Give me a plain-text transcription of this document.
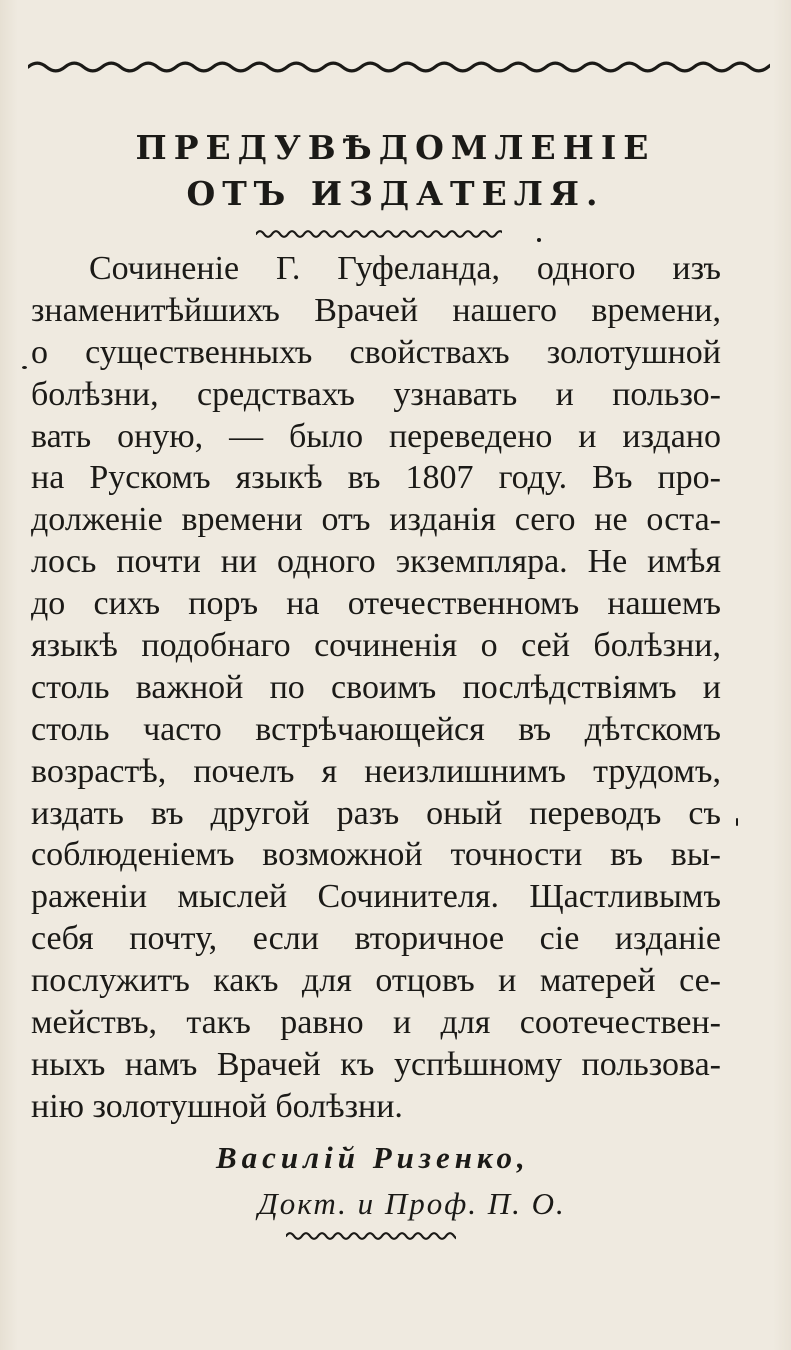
ПРЕДУВѢДОМЛЕНІЕ
ОТЪ ИЗДАТЕЛЯ.
Сочиненіе Г. Гуфеланда, одного изъ
знаменитѣйшихъ Врачей нашего времени,
о существенныхъ свойствахъ золотушной
болѣзни, средствахъ узнавать и пользо-
вать оную, — было переведено и издано
на Рускомъ языкѣ въ 1807 году. Въ про-
долженіе времени отъ изданія сего не оста-
лось почти ни одного экземпляра. Не имѣя
до сихъ поръ на отечественномъ нашемъ
языкѣ подобнаго сочиненія о сей болѣзни,
столь важной по своимъ послѣдствіямъ и
столь часто встрѣчающейся въ дѣтскомъ
возрастѣ, почелъ я неизлишнимъ трудомъ,
издать въ другой разъ оный переводъ съ
соблюденіемъ возможной точности въ вы-
раженіи мыслей Сочинителя. Щастливымъ
себя почту, если вторичное сіе изданіе
послужитъ какъ для отцовъ и матерей се-
мействъ, такъ равно и для соотечествен-
ныхъ намъ Врачей къ успѣшному пользова-
нію золотушной болѣзни.
Василій Ризенко,
Докт. и Проф. П. О.
